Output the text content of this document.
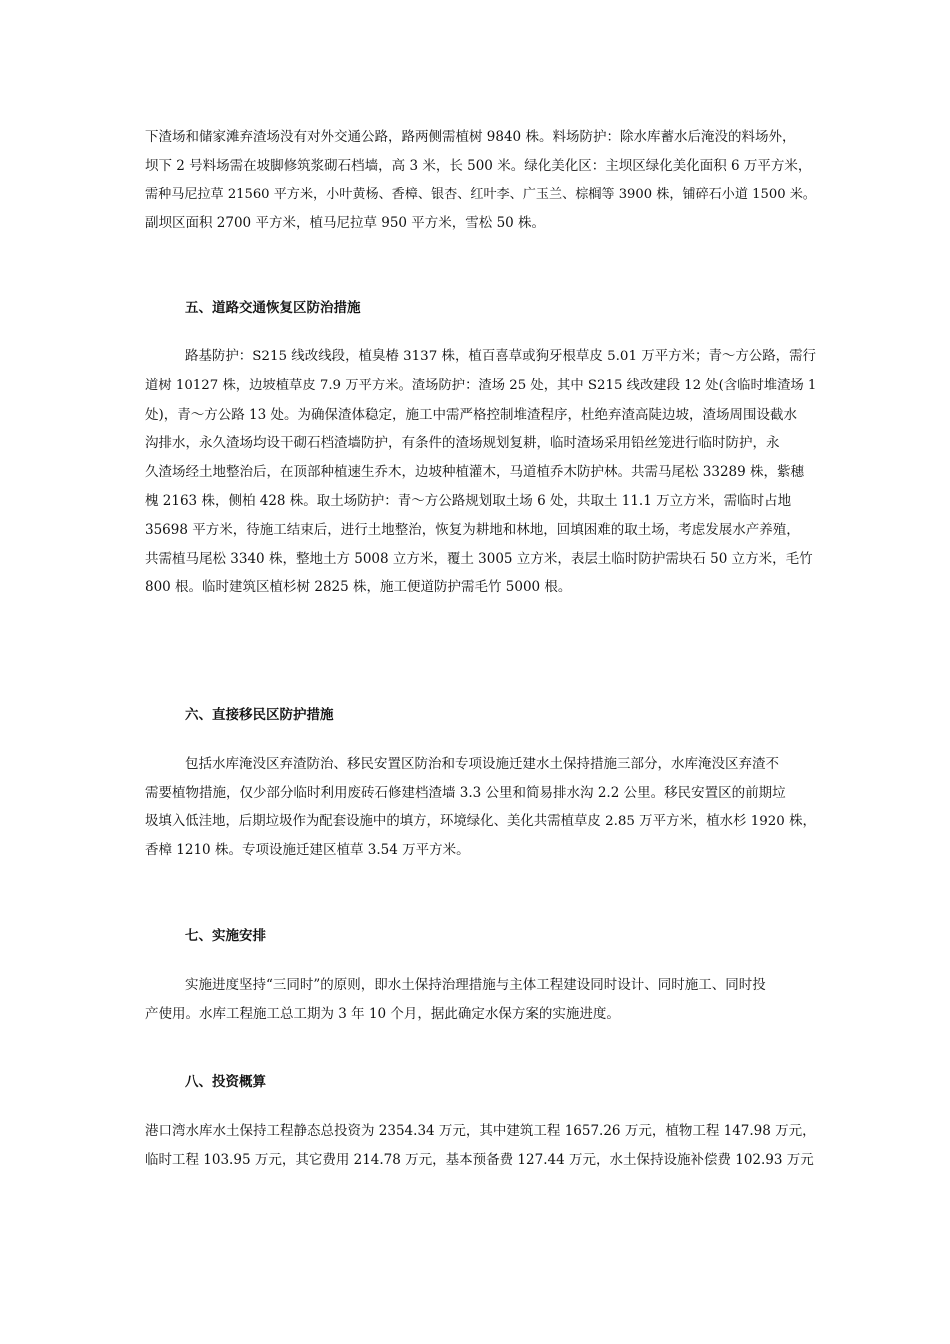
下渣场和储家滩弃渣场没有对外交通公路，路两侧需植树 9840 株。料场防护：除水库蓄水后淹没的料场外，
坝下 2 号料场需在坡脚修筑浆砌石档墙，高 3 米，长 500 米。绿化美化区：主坝区绿化美化面积 6 万平方米，
需种马尼拉草 21560 平方米，小叶黄杨、香樟、银杏、红叶李、广玉兰、棕榈等 3900 株，铺碎石小道 1500 米。
副坝区面积 2700 平方米，植马尼拉草 950 平方米，雪松 50 株。
五、道路交通恢复区防治措施
路基防护：S215 线改线段，植臭椿 3137 株，植百喜草或狗牙根草皮 5.01 万平方米；青～方公路，需行
道树 10127 株，边坡植草皮 7.9 万平方米。渣场防护：渣场 25 处，其中 S215 线改建段 12 处(含临时堆渣场 1
处)，青～方公路 13 处。为确保渣体稳定，施工中需严格控制堆渣程序，杜绝弃渣高陡边坡，渣场周围设截水
沟排水，永久渣场均设干砌石档渣墙防护，有条件的渣场规划复耕，临时渣场采用铅丝笼进行临时防护，永
久渣场经土地整治后，在顶部种植速生乔木，边坡种植灌木，马道植乔木防护林。共需马尾松 33289 株，紫穗
槐 2163 株，侧柏 428 株。取土场防护：青～方公路规划取土场 6 处，共取土 11.1 万立方米，需临时占地
35698 平方米，待施工结束后，进行土地整治，恢复为耕地和林地，回填困难的取土场，考虑发展水产养殖，
共需植马尾松 3340 株，整地土方 5008 立方米，覆土 3005 立方米，表层土临时防护需块石 50 立方米，毛竹
800 根。临时建筑区植杉树 2825 株，施工便道防护需毛竹 5000 根。
六、直接移民区防护措施
包括水库淹没区弃渣防治、移民安置区防治和专项设施迁建水土保持措施三部分，水库淹没区弃渣不
需要植物措施，仅少部分临时利用废砖石修建档渣墙 3.3 公里和简易排水沟 2.2 公里。移民安置区的前期垃
圾填入低洼地，后期垃圾作为配套设施中的填方，环境绿化、美化共需植草皮 2.85 万平方米，植水杉 1920 株，
香樟 1210 株。专项设施迁建区植草 3.54 万平方米。
七、实施安排
实施进度坚持“三同时”的原则，即水土保持治理措施与主体工程建设同时设计、同时施工、同时投
产使用。水库工程施工总工期为 3 年 10 个月，据此确定水保方案的实施进度。
八、投资概算
港口湾水库水土保持工程静态总投资为 2354.34 万元，其中建筑工程 1657.26 万元，植物工程 147.98 万元，
临时工程 103.95 万元，其它费用 214.78 万元，基本预备费 127.44 万元，水土保持设施补偿费 102.93 万元
